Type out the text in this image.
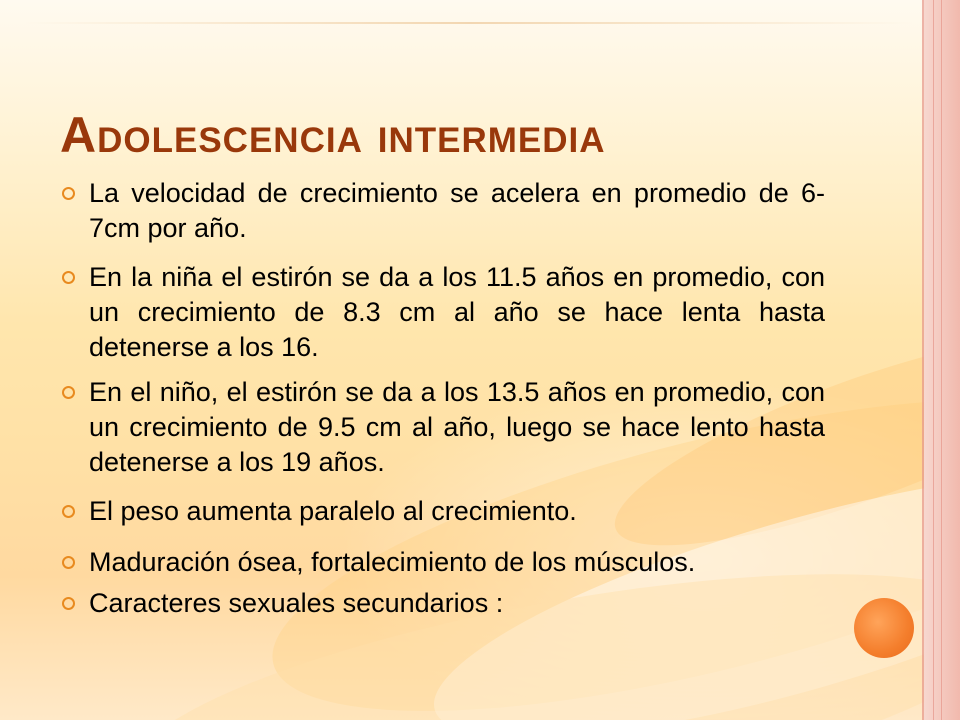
Adolescencia intermedia
La velocidad de crecimiento se acelera en promedio de 6-7cm por año.
En la niña el estirón se da a los 11.5 años en promedio, con un crecimiento de 8.3 cm al año se hace lenta hasta detenerse a los 16.
En el niño, el estirón se da a los 13.5 años en promedio, con un crecimiento de 9.5 cm al año, luego se hace lento hasta detenerse a los 19 años.
El peso aumenta paralelo al crecimiento.
Maduración ósea, fortalecimiento de los músculos.
Caracteres sexuales secundarios :
